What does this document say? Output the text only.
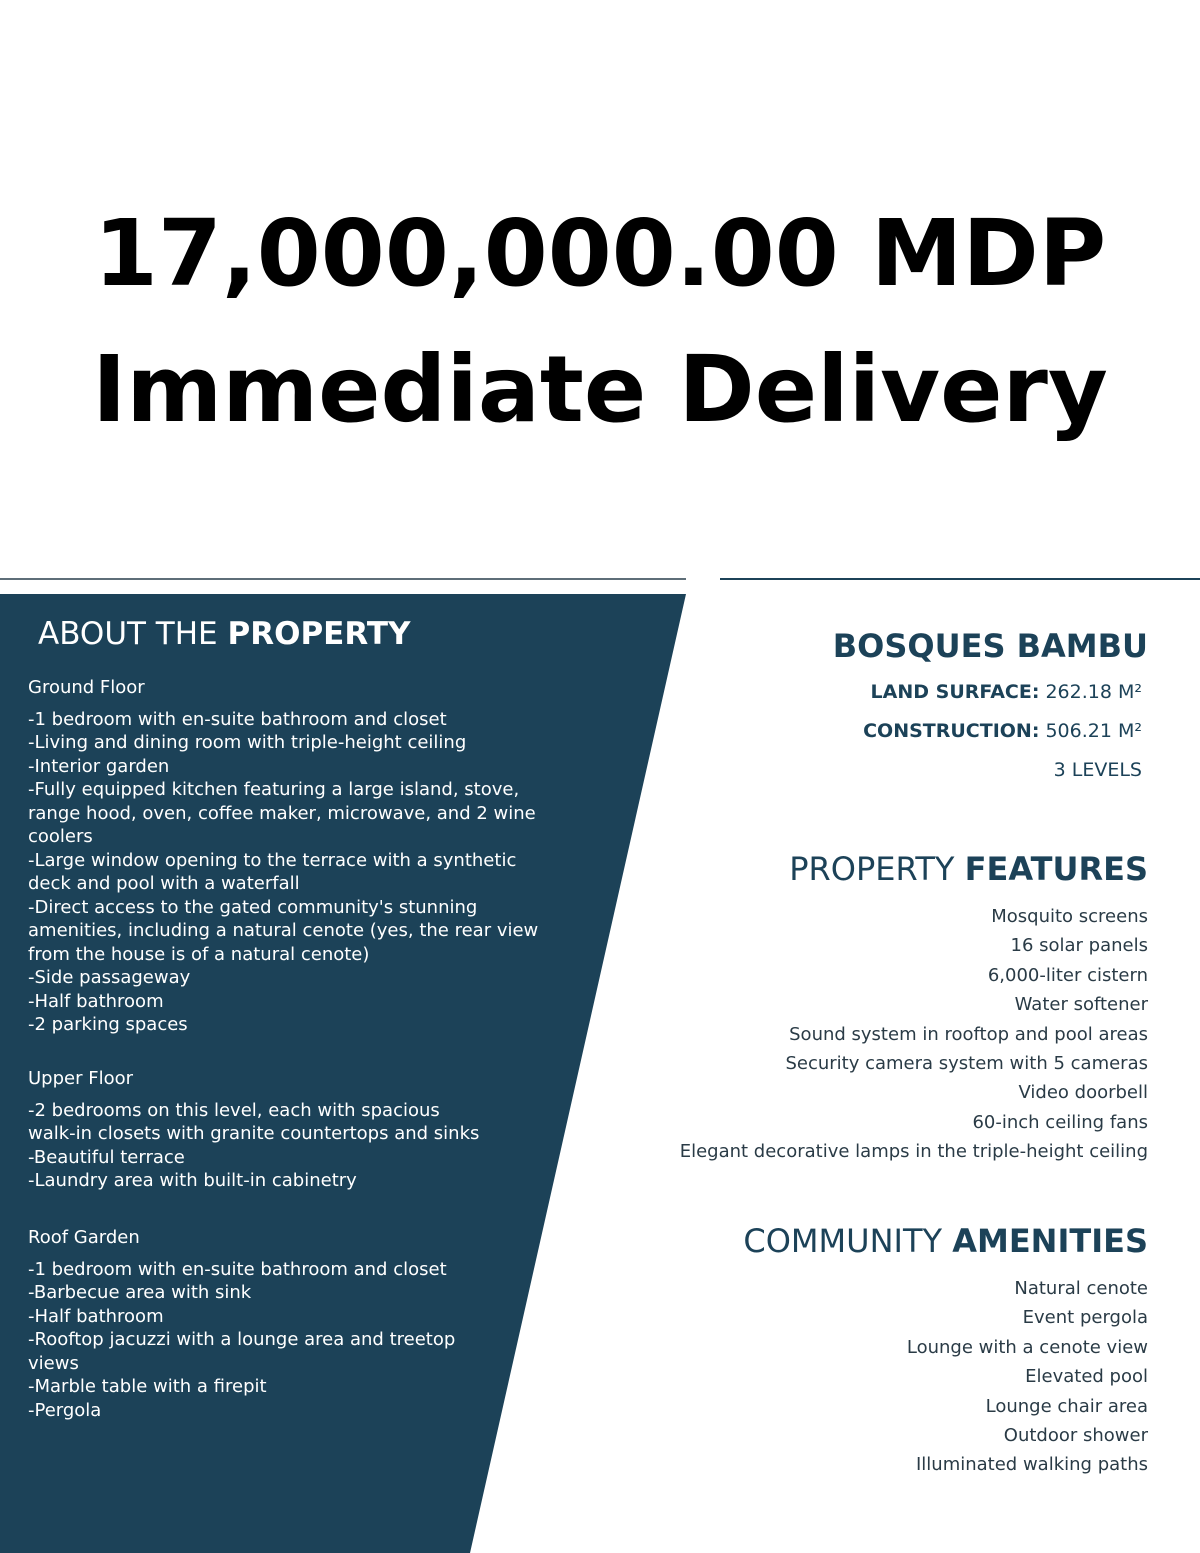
17,000,000.00 MDP
Immediate Delivery
ABOUT THE PROPERTY
Ground Floor
-1 bedroom with en-suite bathroom and closet
-Living and dining room with triple-height ceiling
-Interior garden
-Fully equipped kitchen featuring a large island, stove,
range hood, oven, coffee maker, microwave, and 2 wine
coolers
-Large window opening to the terrace with a synthetic
deck and pool with a waterfall
-Direct access to the gated community's stunning
amenities, including a natural cenote (yes, the rear view
from the house is of a natural cenote)
-Side passageway
-Half bathroom
-2 parking spaces
Upper Floor
-2 bedrooms on this level, each with spacious
walk-in closets with granite countertops and sinks
-Beautiful terrace
-Laundry area with built-in cabinetry
Roof Garden
-1 bedroom with en-suite bathroom and closet
-Barbecue area with sink
-Half bathroom
-Rooftop jacuzzi with a lounge area and treetop
views
-Marble table with a firepit
-Pergola
BOSQUES BAMBU
LAND SURFACE: 262.18 M²
CONSTRUCTION: 506.21 M²
3 LEVELS
PROPERTY FEATURES
Mosquito screens
16 solar panels
6,000-liter cistern
Water softener
Sound system in rooftop and pool areas
Security camera system with 5 cameras
Video doorbell
60-inch ceiling fans
Elegant decorative lamps in the triple-height ceiling
COMMUNITY AMENITIES
Natural cenote
Event pergola
Lounge with a cenote view
Elevated pool
Lounge chair area
Outdoor shower
Illuminated walking paths
